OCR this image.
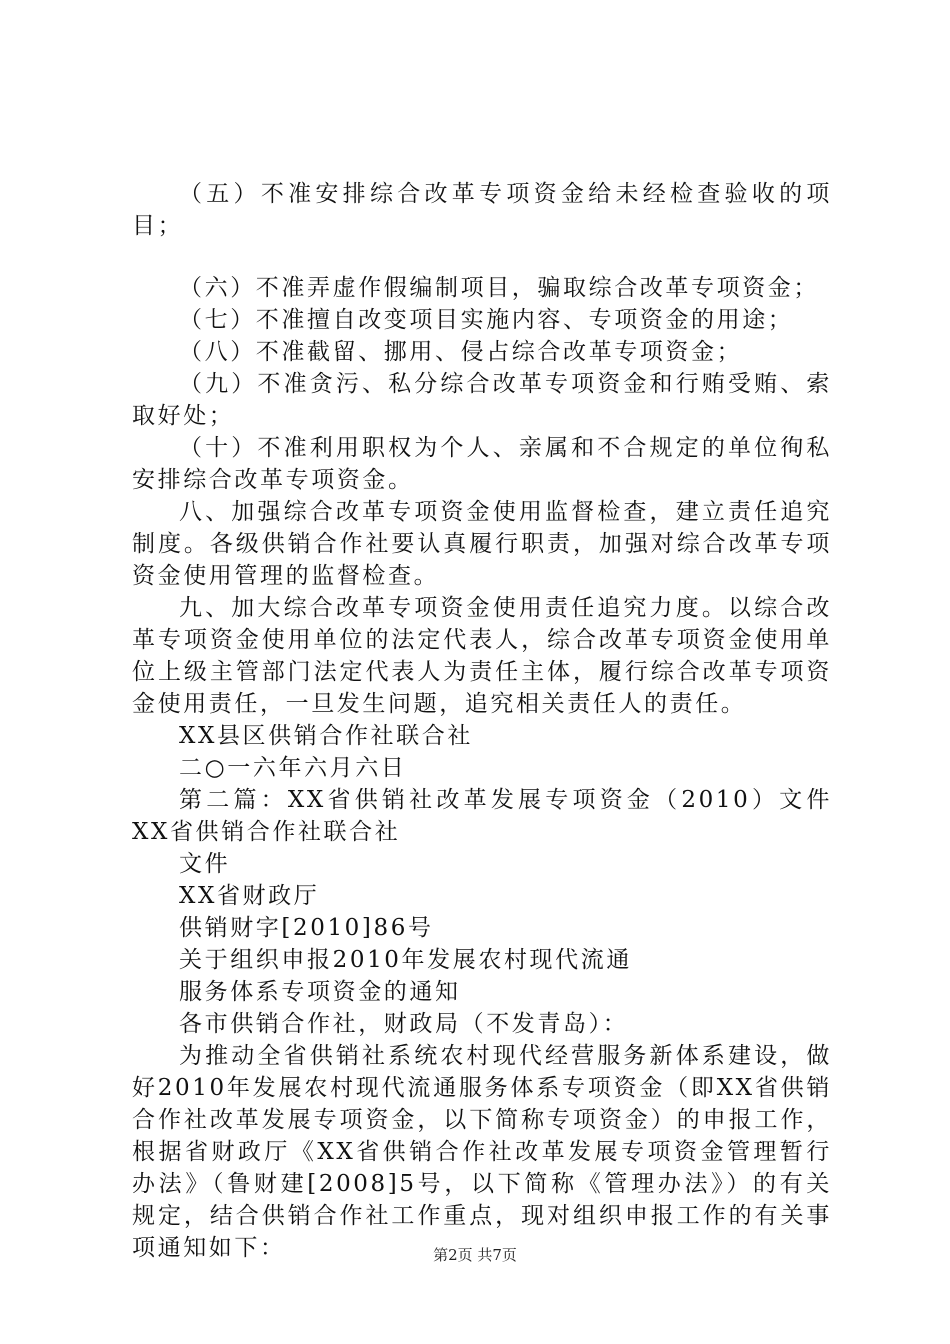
（五）不准安排综合改革专项资金给未经检查验收的项目；

（六）不准弄虚作假编制项目，骗取综合改革专项资金；

（七）不准擅自改变项目实施内容、专项资金的用途；

（八）不准截留、挪用、侵占综合改革专项资金；

（九）不准贪污、私分综合改革专项资金和行贿受贿、索取好处；

（十）不准利用职权为个人、亲属和不合规定的单位徇私安排综合改革专项资金。

八、加强综合改革专项资金使用监督检查，建立责任追究制度。各级供销合作社要认真履行职责，加强对综合改革专项资金使用管理的监督检查。

九、加大综合改革专项资金使用责任追究力度。以综合改革专项资金使用单位的法定代表人，综合改革专项资金使用单位上级主管部门法定代表人为责任主体，履行综合改革专项资金使用责任，一旦发生问题，追究相关责任人的责任。

XX县区供销合作社联合社

二○一六年六月六日

第二篇：XX省供销社改革发展专项资金（2010）文件XX省供销合作社联合社

文件

XX省财政厅

供销财字[2010]86号

关于组织申报2010年发展农村现代流通

服务体系专项资金的通知

各市供销合作社，财政局（不发青岛）：

为推动全省供销社系统农村现代经营服务新体系建设，做好2010年发展农村现代流通服务体系专项资金（即XX省供销合作社改革发展专项资金，以下简称专项资金）的申报工作，根据省财政厅《XX省供销合作社改革发展专项资金管理暂行办法》（鲁财建[2008]5号，以下简称《管理办法》）的有关规定，结合供销合作社工作重点，现对组织申报工作的有关事项通知如下：	第2页 共7页
